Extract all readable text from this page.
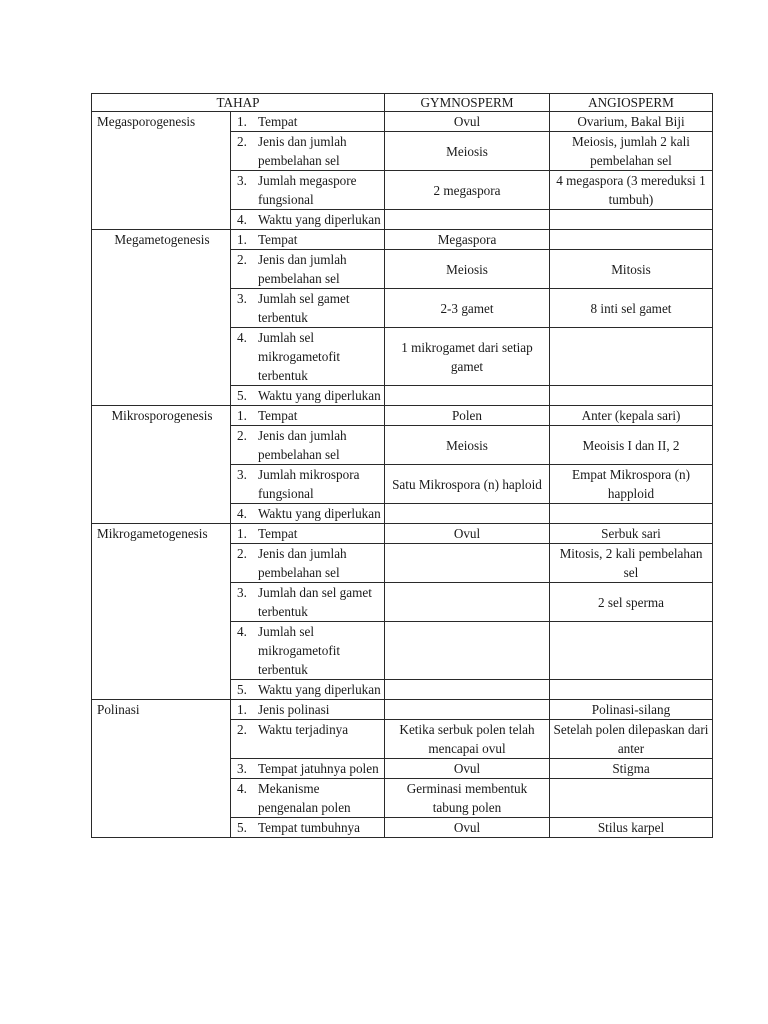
TAHAP		GYMNOSPERM	ANGIOSPERM
Megasporogenesis	1. Tempat	Ovul	Ovarium, Bakal Biji

	2. Jenis dan jumlah pembelahan sel	Meiosis	Meiosis, jumlah 2 kali pembelahan sel

	3. Jumlah megaspore fungsional	2 megaspora	4 megaspora (3 mereduksi 1 tumbuh)

	4. Waktu yang diperlukan		

Megametogenesis	1. Tempat	Megaspora	

	2. Jenis dan jumlah pembelahan sel	Meiosis	Mitosis

	3. Jumlah sel gamet terbentuk	2-3 gamet	8 inti sel gamet

	4. Jumlah sel mikrogametofit terbentuk	1 mikrogamet dari setiap gamet	

	5. Waktu yang diperlukan		

Mikrosporogenesis	1. Tempat	Polen	Anter (kepala sari)

	2. Jenis dan jumlah pembelahan sel	Meiosis	Meoisis I dan II, 2

	3. Jumlah mikrospora fungsional	Satu Mikrospora (n) haploid	Empat Mikrospora (n) happloid

	4. Waktu yang diperlukan		

Mikrogametogenesis	1. Tempat	Ovul	Serbuk sari

	2. Jenis dan jumlah pembelahan sel		Mitosis, 2 kali pembelahan sel

	3. Jumlah dan sel gamet terbentuk		2 sel sperma

	4. Jumlah sel mikrogametofit terbentuk		

	5. Waktu yang diperlukan		

Polinasi	1. Jenis polinasi		Polinasi-silang

	2. Waktu terjadinya	Ketika serbuk polen telah mencapai ovul	Setelah polen dilepaskan dari anter

	3. Tempat jatuhnya polen	Ovul	Stigma

	4. Mekanisme pengenalan polen	Germinasi membentuk tabung polen	

	5. Tempat tumbuhnya	Ovul	Stilus karpel
